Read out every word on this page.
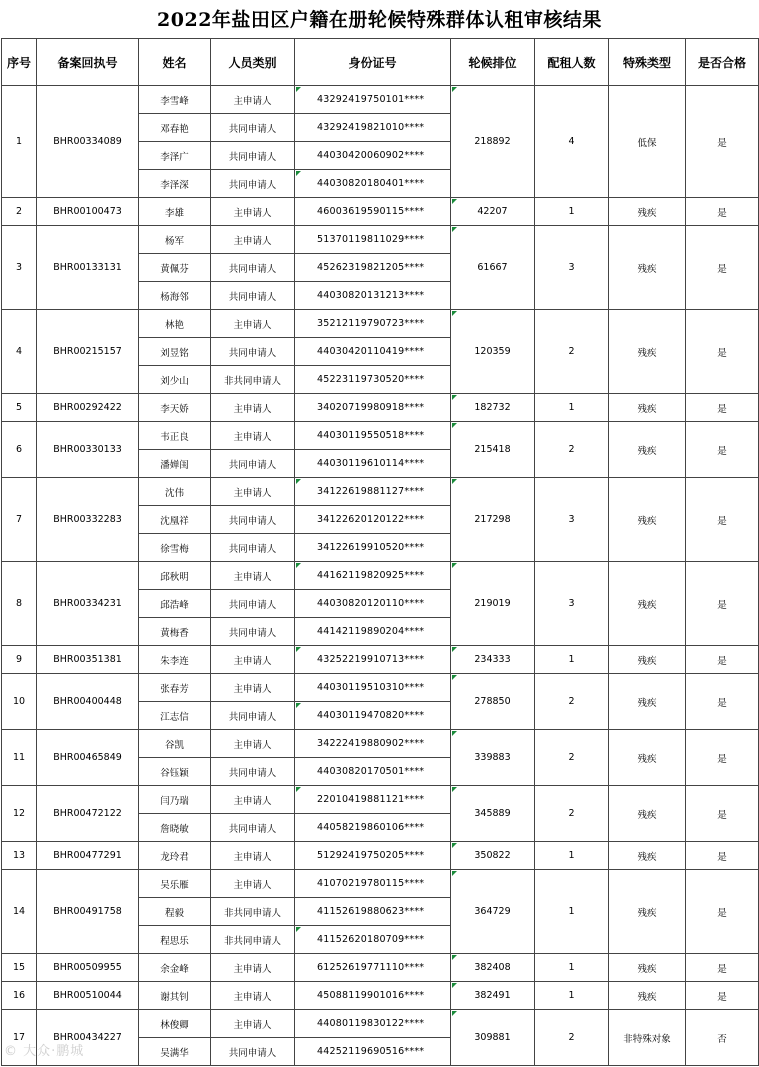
2022年盐田区户籍在册轮候特殊群体认租审核结果
序号	备案回执号	姓名	人员类别	身份证号	轮候排位	配租人数	特殊类型	是否合格
1	BHR00334089	李雪峰	主申请人	43292419750101****	218892	4	低保	是
		邓春艳	共同申请人	43292419821010****				
		李泽广	共同申请人	44030420060902****				
		李泽深	共同申请人	44030820180401****				
2	BHR00100473	李雄	主申请人	46003619590115****	42207	1	残疾	是
3	BHR00133131	杨军	主申请人	51370119811029****	61667	3	残疾	是
		黄佩芬	共同申请人	45262319821205****				
		杨海邻	共同申请人	44030820131213****				
4	BHR00215157	林艳	主申请人	35212119790723****	120359	2	残疾	是
		刘昱铭	共同申请人	44030420110419****				
		刘少山	非共同申请人	45223119730520****				
5	BHR00292422	李天娇	主申请人	34020719980918****	182732	1	残疾	是
6	BHR00330133	韦正良	主申请人	44030119550518****	215418	2	残疾	是
		潘婵闺	共同申请人	44030119610114****				
7	BHR00332283	沈伟	主申请人	34122619881127****	217298	3	残疾	是
		沈凰祥	共同申请人	34122620120122****				
		徐雪梅	共同申请人	34122619910520****				
8	BHR00334231	邱秋明	主申请人	44162119820925****	219019	3	残疾	是
		邱浩峰	共同申请人	44030820120110****				
		黄梅香	共同申请人	44142119890204****				
9	BHR00351381	朱李连	主申请人	43252219910713****	234333	1	残疾	是
10	BHR00400448	张春芳	主申请人	44030119510310****	278850	2	残疾	是
		江志信	共同申请人	44030119470820****				
11	BHR00465849	谷凯	主申请人	34222419880902****	339883	2	残疾	是
		谷钰颖	共同申请人	44030820170501****				
12	BHR00472122	闫乃瑞	主申请人	22010419881121****	345889	2	残疾	是
		詹晓敏	共同申请人	44058219860106****				
13	BHR00477291	龙玲君	主申请人	51292419750205****	350822	1	残疾	是
14	BHR00491758	吴乐雁	主申请人	41070219780115****	364729	1	残疾	是
		程毅	非共同申请人	41152619880623****				
		程思乐	非共同申请人	41152620180709****				
15	BHR00509955	余金峰	主申请人	61252619771110****	382408	1	残疾	是
16	BHR00510044	谢其钊	主申请人	45088119901016****	382491	1	残疾	是
17	BHR00434227	林俊卿	主申请人	44080119830122****	309881	2	非特殊对象	否
		吴满华	共同申请人	44252119690516****				
© 大众·鹏城
